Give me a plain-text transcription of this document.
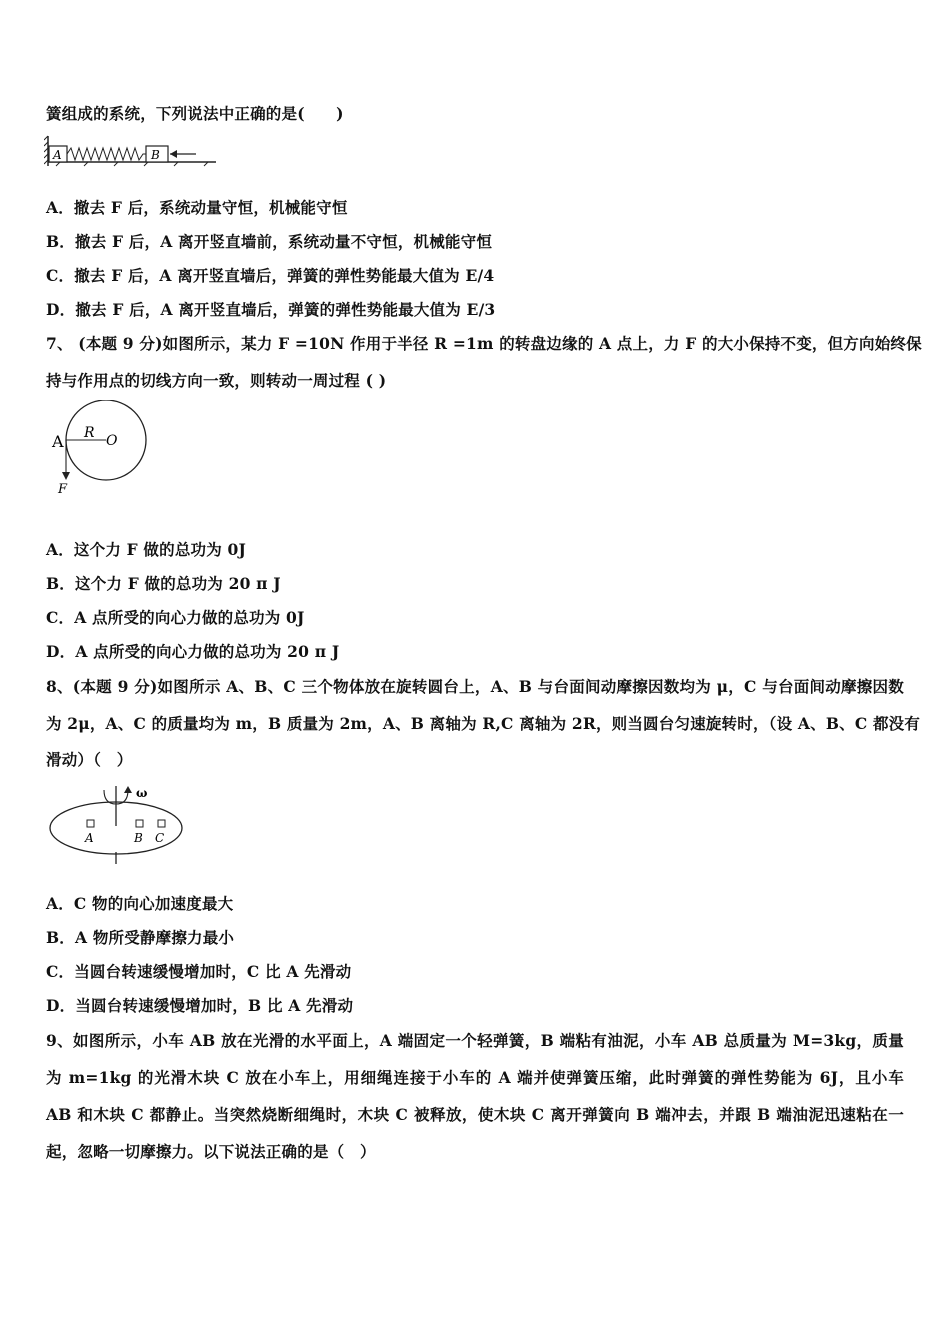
簧组成的系统，下列说法中正确的是(　　)
A	B
A．撤去 F 后，系统动量守恒，机械能守恒
B．撤去 F 后，A 离开竖直墙前，系统动量不守恒，机械能守恒
C．撤去 F 后，A 离开竖直墙后，弹簧的弹性势能最大值为 E/4
D．撤去 F 后，A 离开竖直墙后，弹簧的弹性势能最大值为 E/3
7、 (本题 9 分)如图所示，某力 F =10N 作用于半径 R =1m 的转盘边缘的 A 点上，力 F 的大小保持不变，但方向始终保
持与作用点的切线方向一致，则转动一周过程 ( )
A R O
F
A．这个力 F 做的总功为 0J
B．这个力 F 做的总功为 20 π J
C．A 点所受的向心力做的总功为 0J
D．A 点所受的向心力做的总功为 20 π J
8、(本题 9 分)如图所示 A、B、C 三个物体放在旋转圆台上，A、B 与台面间动摩擦因数均为 μ，C 与台面间动摩擦因数
为 2μ，A、C 的质量均为 m，B 质量为 2m，A、B 离轴为 R,C 离轴为 2R，则当圆台匀速旋转时，（设 A、B、C 都没有
滑动）（　）
ω
A	B C
A．C 物的向心加速度最大
B．A 物所受静摩擦力最小
C．当圆台转速缓慢增加时，C 比 A 先滑动
D．当圆台转速缓慢增加时，B 比 A 先滑动
9、如图所示，小车 AB 放在光滑的水平面上，A 端固定一个轻弹簧，B 端粘有油泥，小车 AB 总质量为 M=3kg，质量
为 m=1kg 的光滑木块 C 放在小车上，用细绳连接于小车的 A 端并使弹簧压缩，此时弹簧的弹性势能为 6J，且小车
AB 和木块 C 都静止。当突然烧断细绳时，木块 C 被释放，使木块 C 离开弹簧向 B 端冲去，并跟 B 端油泥迅速粘在一
起，忽略一切摩擦力。以下说法正确的是（　）
